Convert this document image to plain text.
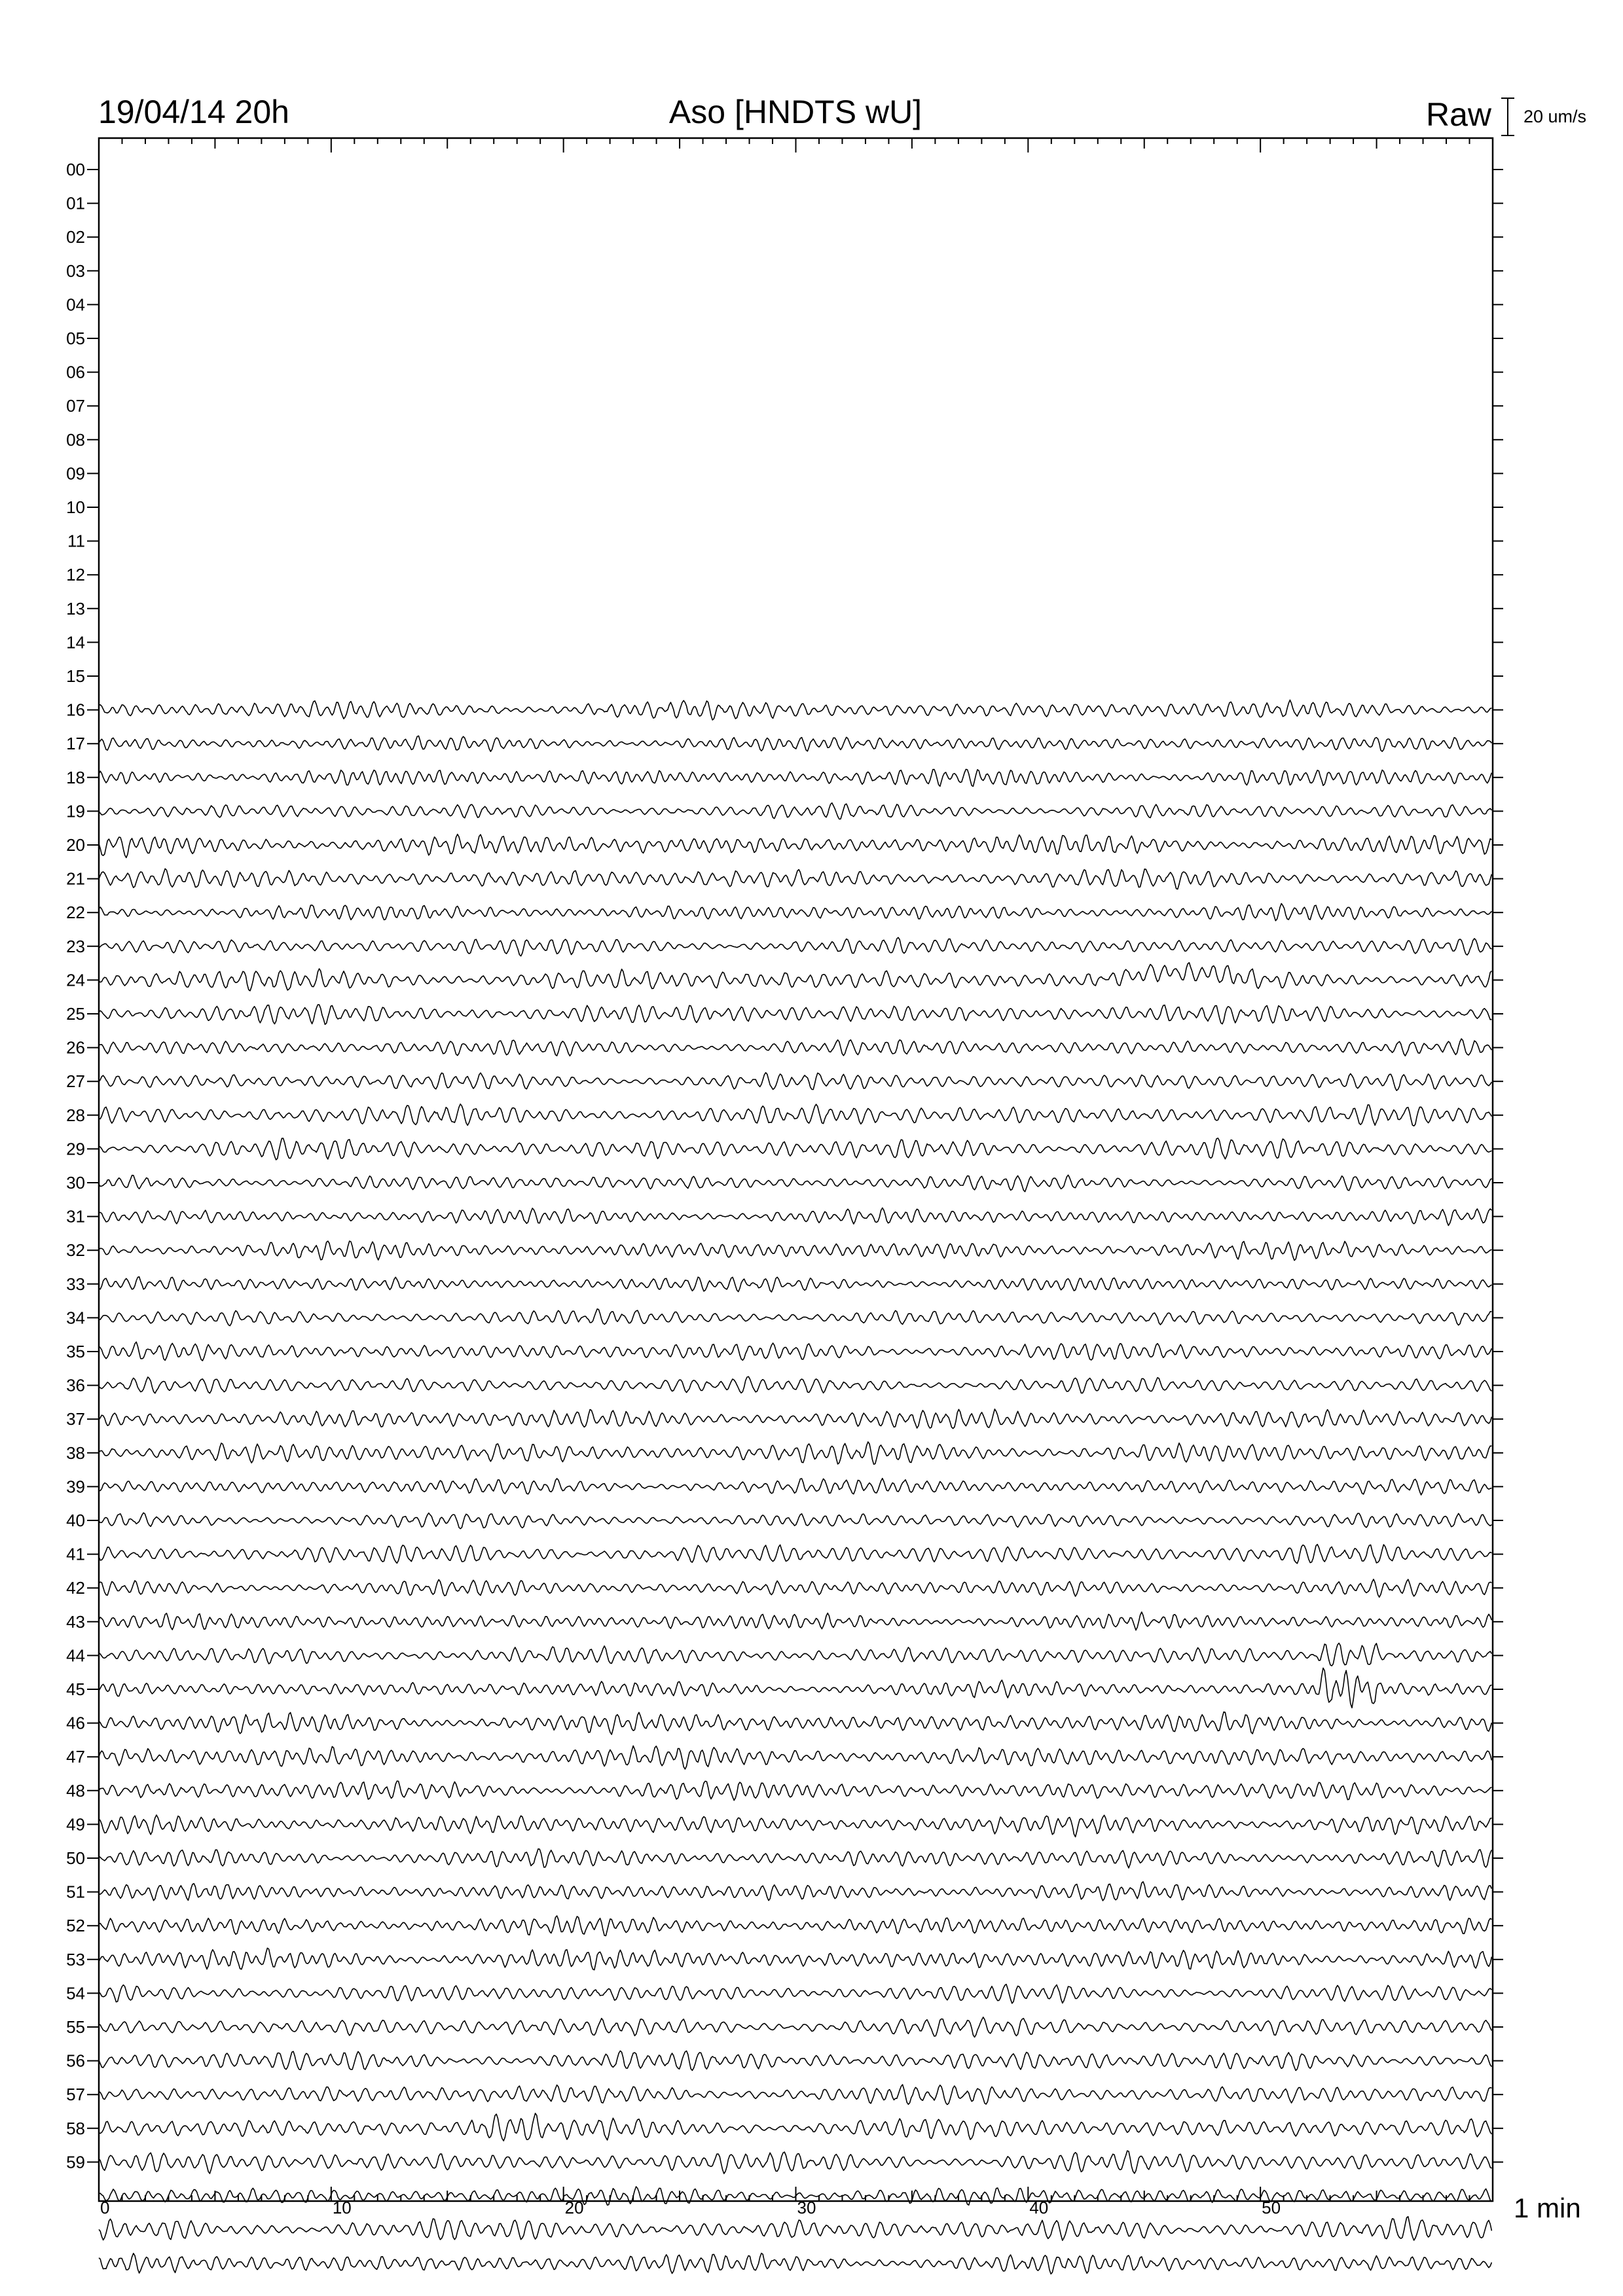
19/04/14 20h	Aso [HNDTS wU]	Raw 20 um/s
00
01
02
03
04
05
06
07
08
09
10
11
12
13
14
15
16
17
18
19
20
21
22
23
24
25
26
27
28
29
30
31
32
33
34
35
36
37
38
39
40
41
42
43
44
45
46
47
48
49
50
51
52
53
54
55
56
57
58
59
0	10	20	30	40	50	1 min
